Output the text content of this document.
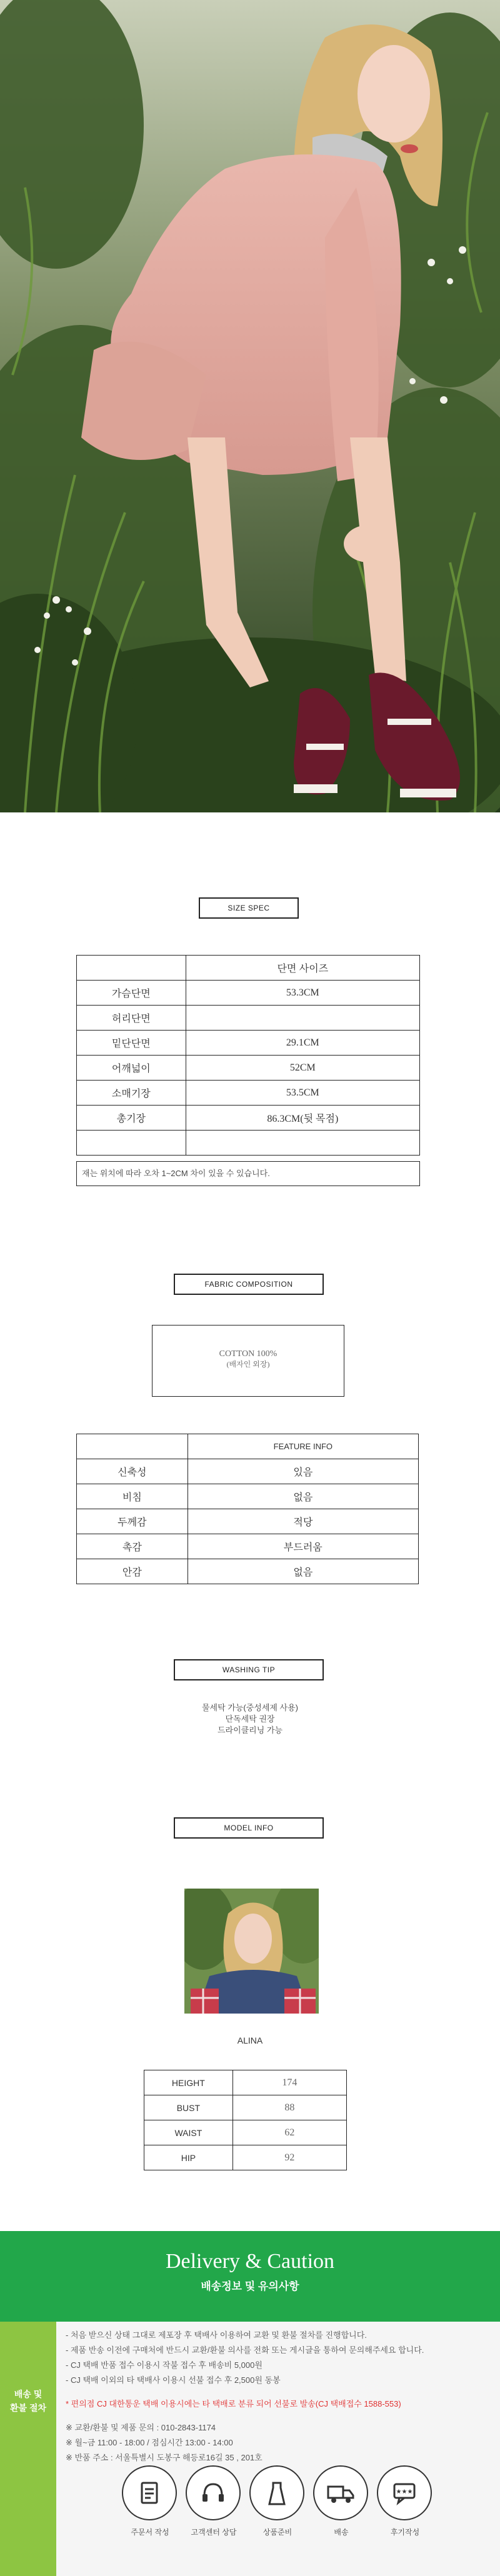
SIZE SPEC
	단면 사이즈
가슴단면	53.3CM
허리단면	
밑단단면	29.1CM
어깨넓이	52CM
소매기장	53.5CM
총기장	86.3CM(뒷 목점)

재는 위치에 따라 오차 1~2CM 차이 있을 수 있습니다.
FABRIC COMPOSITION
COTTON 100%
(배자인 외장)
	FEATURE INFO
신축성	있음
비침	없음
두께감	적당
촉감	부드러움
안감	없음
WASHING TIP
물세탁 가능(중성세제 사용)
단독세탁 권장
드라이클리닝 가능
MODEL INFO
ALINA
HEIGHT	174
BUST	88
WAIST	62
HIP	92
Delivery & Caution
배송정보 및 유의사항
배송 및
환불 절차
- 처음 받으신 상태 그대로 제포장 후 택배사 이용하여 교환 및 환불 절차를 진행합니다.
- 제품 반송 이전에 구매처에 반드시 교환/환불 의사를 전화 또는 게시글을 통하여 문의해주세요 합니다.
- CJ 택배 반품 접수 이용시 작불 접수 후 배송비 5,000원
- CJ 택배 이외의 타 택배사 이용시 선불 접수 후 2,500원 동봉
* 편의점 CJ 대한통운 택배 이용시에는 타 택배로 분류 되어 선불로 발송(CJ 택배접수 1588-553)
※ 교환/환불 및 제품 문의 : 010-2843-1174
※ 월~금 11:00 - 18:00 / 점심시간 13:00 - 14:00
※ 반품 주소 : 서울특별시 도봉구 해등로16길 35 , 201호
주문서 작성	고객센터 상담	상품준비	배송
★★★
후기작성
